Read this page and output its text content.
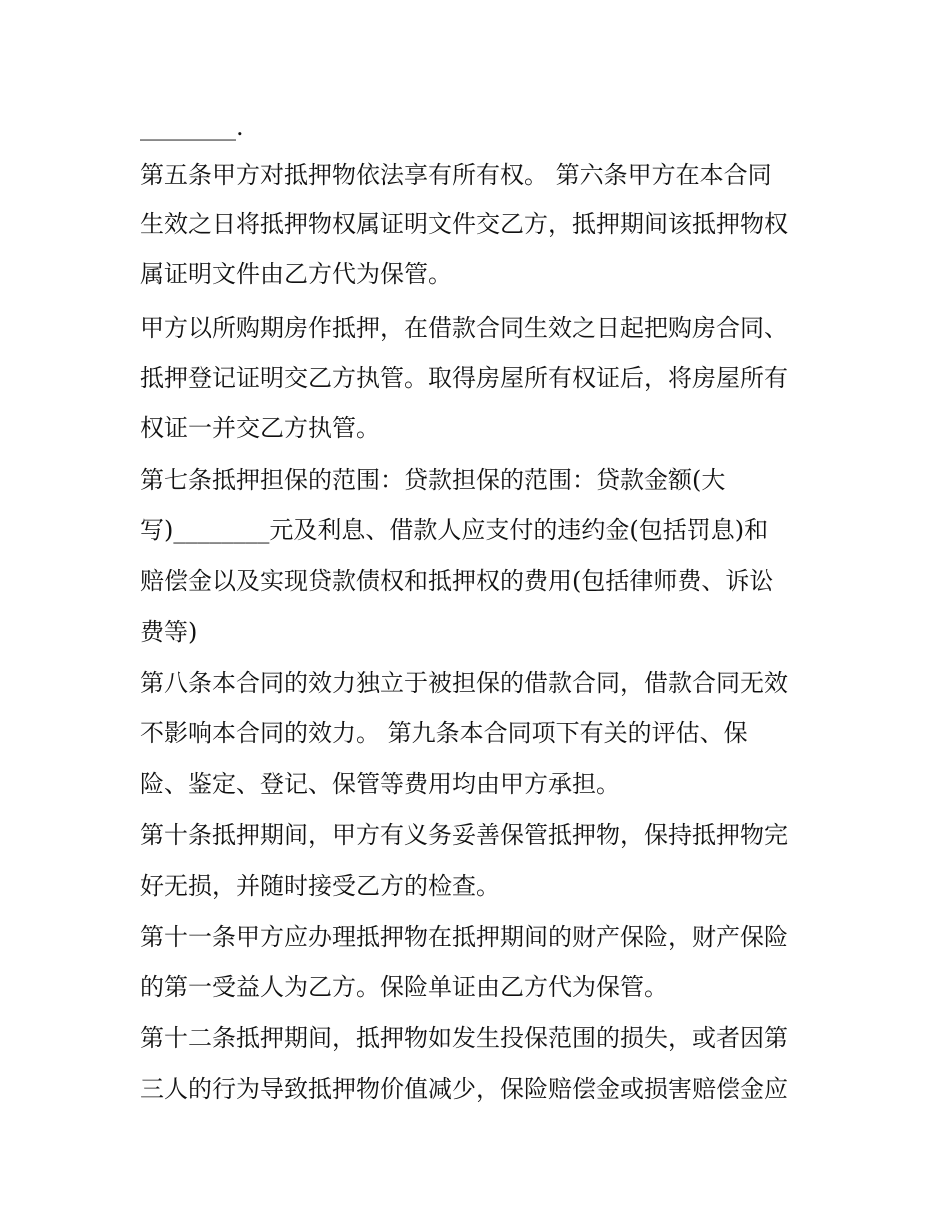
________.
第五条甲方对抵押物依法享有所有权。 第六条甲方在本合同
生效之日将抵押物权属证明文件交乙方，抵押期间该抵押物权
属证明文件由乙方代为保管。
甲方以所购期房作抵押，在借款合同生效之日起把购房合同、
抵押登记证明交乙方执管。取得房屋所有权证后，将房屋所有
权证一并交乙方执管。
第七条抵押担保的范围：贷款担保的范围：贷款金额(大
写)________元及利息、借款人应支付的违约金(包括罚息)和
赔偿金以及实现贷款债权和抵押权的费用(包括律师费、诉讼
费等)
第八条本合同的效力独立于被担保的借款合同，借款合同无效
不影响本合同的效力。 第九条本合同项下有关的评估、保
险、鉴定、登记、保管等费用均由甲方承担。
第十条抵押期间，甲方有义务妥善保管抵押物，保持抵押物完
好无损，并随时接受乙方的检查。
第十一条甲方应办理抵押物在抵押期间的财产保险，财产保险
的第一受益人为乙方。保险单证由乙方代为保管。
第十二条抵押期间，抵押物如发生投保范围的损失，或者因第
三人的行为导致抵押物价值减少，保险赔偿金或损害赔偿金应
